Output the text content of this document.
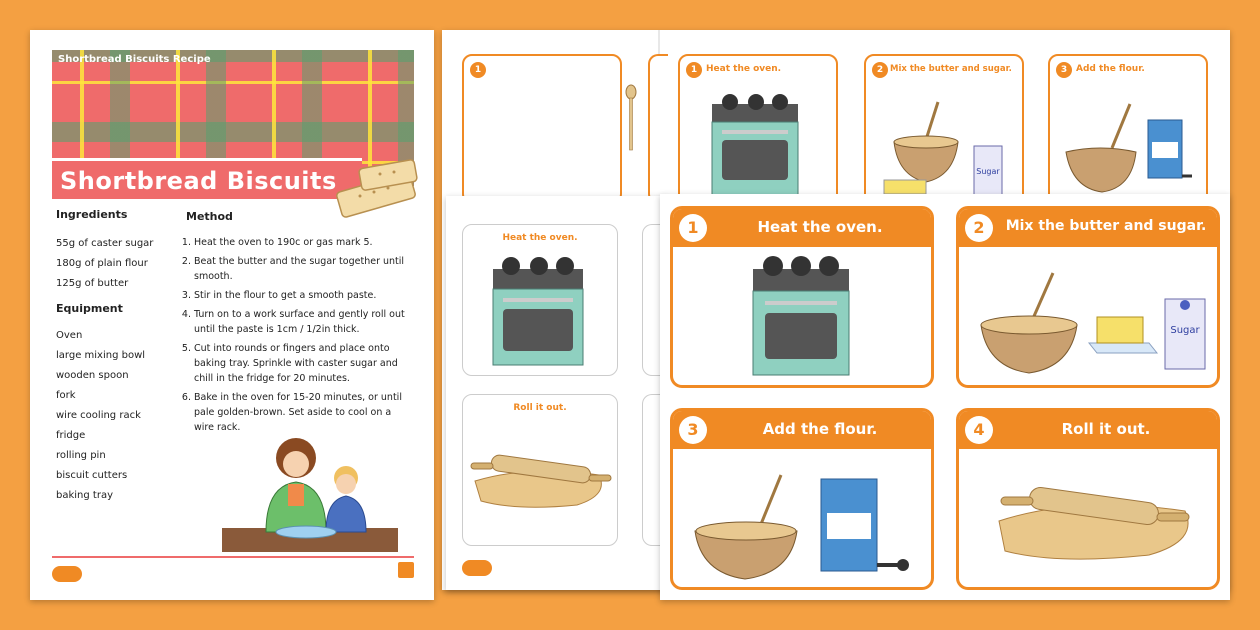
1	1 Heat the oven.	2 Mix the butter and sugar.
Sugar
3 Add the flour.
Heat the oven.
Roll it out.
1	Heat the oven.	2	Mix the butter and sugar.
Sugar
3	Add the flour.	4	Roll it out.
Shortbread Biscuits Recipe
Shortbread Biscuits
Ingredients	Method
55g of caster sugar
180g of plain flour
125g of butter
Equipment
Oven
large mixing bowl
wooden spoon
fork
wire cooling rack
fridge
rolling pin
biscuit cutters
baking tray
1. Heat the oven to 190c or gas mark 5.
2. Beat the butter and the sugar together until smooth.
3. Stir in the flour to get a smooth paste.
4. Turn on to a work surface and gently roll out until the paste is 1cm / 1/2in thick.
5. Cut into rounds or fingers and place onto baking tray. Sprinkle with caster sugar and chill in the fridge for 20 minutes.
6. Bake in the oven for 15-20 minutes, or until pale golden-brown. Set aside to cool on a wire rack.
